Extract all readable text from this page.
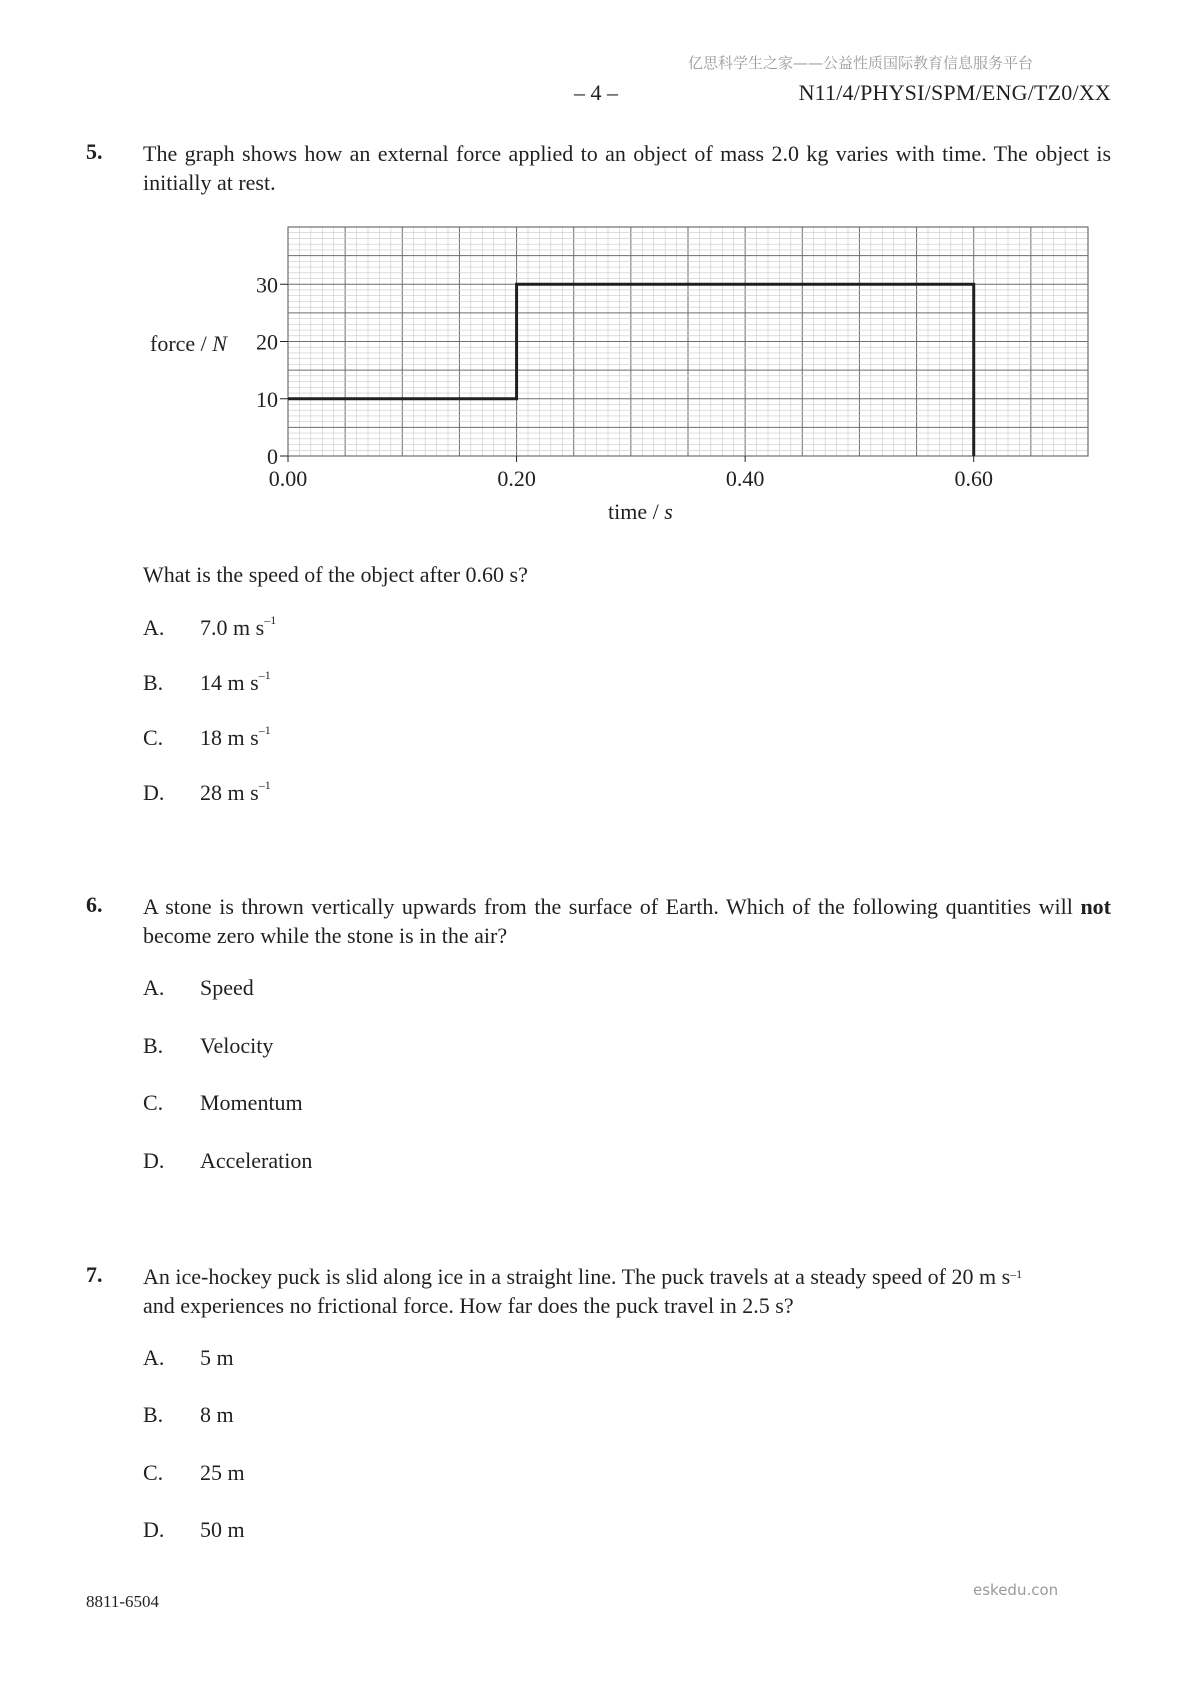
亿思科学生之家——公益性质国际教育信息服务平台
– 4 –	N11/4/PHYSI/SPM/ENG/TZ0/XX
5. The graph shows how an external force applied to an object of mass 2.0 kg varies with time. The object is initially at rest.
0
10
20
30
0.00	0.20	0.40	0.60
force / N
time / s
What is the speed of the object after 0.60 s?
A. 7.0 m $s^{-1}$
B. 14 m $s^{-1}$
C. 18 m $s^{-1}$
D. 28 m $s^{-1}$
6. A stone is thrown vertically upwards from the surface of Earth. Which of the following quantities will not become zero while the stone is in the air?
A. Speed
B. Velocity
C. Momentum
D. Acceleration
7. An ice-hockey puck is slid along ice in a straight line. The puck travels at a steady speed of 20 m $s^{-1}$
and experiences no frictional force. How far does the puck travel in 2.5 s?
A. 5 m
B. 8 m
C. 25 m
D. 50 m
8811-6504
eskedu.con
